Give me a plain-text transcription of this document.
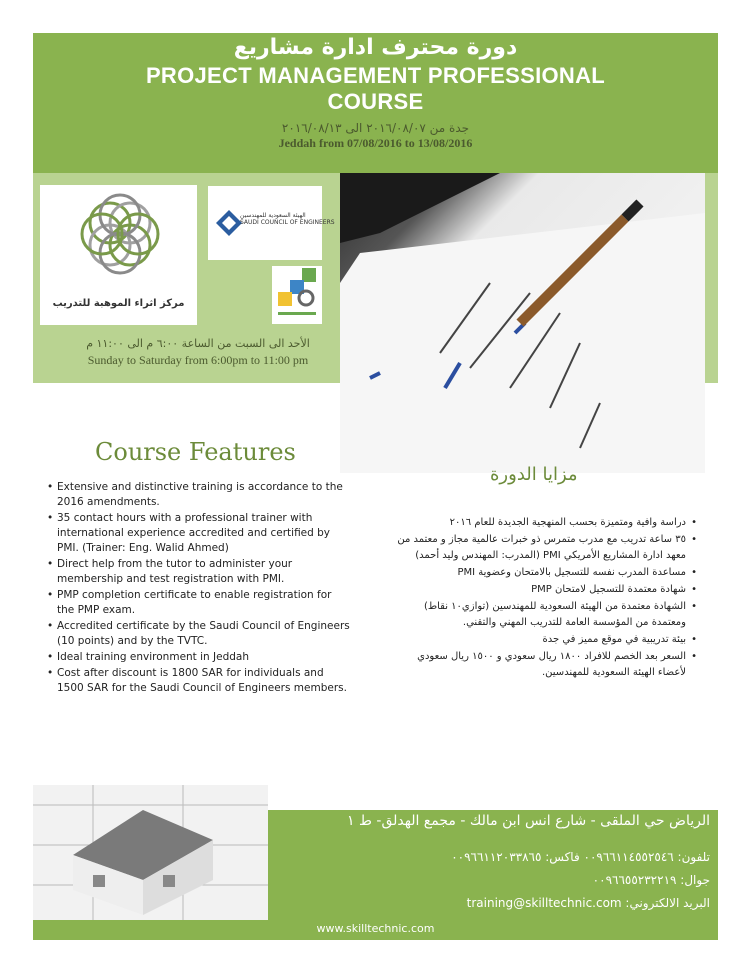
دورة محترف ادارة مشاريع
PROJECT MANAGEMENT PROFESSIONAL
COURSE
جدة من ٢٠١٦/٠٨/٠٧ الى ٢٠١٦/٠٨/١٣
Jeddah from 07/08/2016 to 13/08/2016
مركز اثراء الموهبة للتدريب
الهيئة السعودية للمهندسين
SAUDI COUNCIL OF ENGINEERS
الأحد الى السبت من الساعة ٦:٠٠ م الى ١١:٠٠ م
Sunday to Saturday from 6:00pm to 11:00 pm
Course Features
• Extensive and distinctive training is accordance to the 2016 amendments.
• 35 contact hours with a professional trainer with international experience accredited and certified by PMI. (Trainer: Eng. Walid Ahmed)
• Direct help from the tutor to administer your membership and test registration with PMI.
• PMP completion certificate to enable registration for the PMP exam.
• Accredited certificate by the Saudi Council of Engineers (10 points) and by the TVTC.
• Ideal training environment in Jeddah
• Cost after discount is 1800 SAR for individuals and 1500 SAR for the Saudi Council of Engineers members.
مزايا الدورة
• دراسة وافية ومتميزة بحسب المنهجية الجديدة للعام ٢٠١٦
• ٣٥ ساعة تدريب مع مدرب متمرس ذو خبرات عالمية مجاز و معتمد من معهد ادارة المشاريع الأمريكي PMI (المدرب: المهندس وليد أحمد)
• مساعدة المدرب نفسه للتسجيل بالامتحان وعضوية PMI
• شهادة معتمدة للتسجيل لامتحان PMP
• الشهادة معتمدة من الهيئة السعودية للمهندسين (توازي١٠ نقاط) ومعتمدة من المؤسسة العامة للتدريب المهني والتقني.
• بيئة تدريبية في موقع مميز في جدة
• السعر بعد الخصم للافراد ١٨٠٠ ريال سعودي و ١٥٠٠ ريال سعودي لأعضاء الهيئة السعودية للمهندسين.
الرياض حي الملقى - شارع انس ابن مالك - مجمع الهدلق- ط ١
تلفون: ٠٠٩٦٦١١٤٥٥٢٥٤٦ فاكس: ٠٠٩٦٦١١٢٠٣٣٨٦٥
جوال: ٠٠٩٦٦٥٥٢٣٢٢١٩
البريد الالكتروني: training@skilltechnic.com
www.skilltechnic.com
